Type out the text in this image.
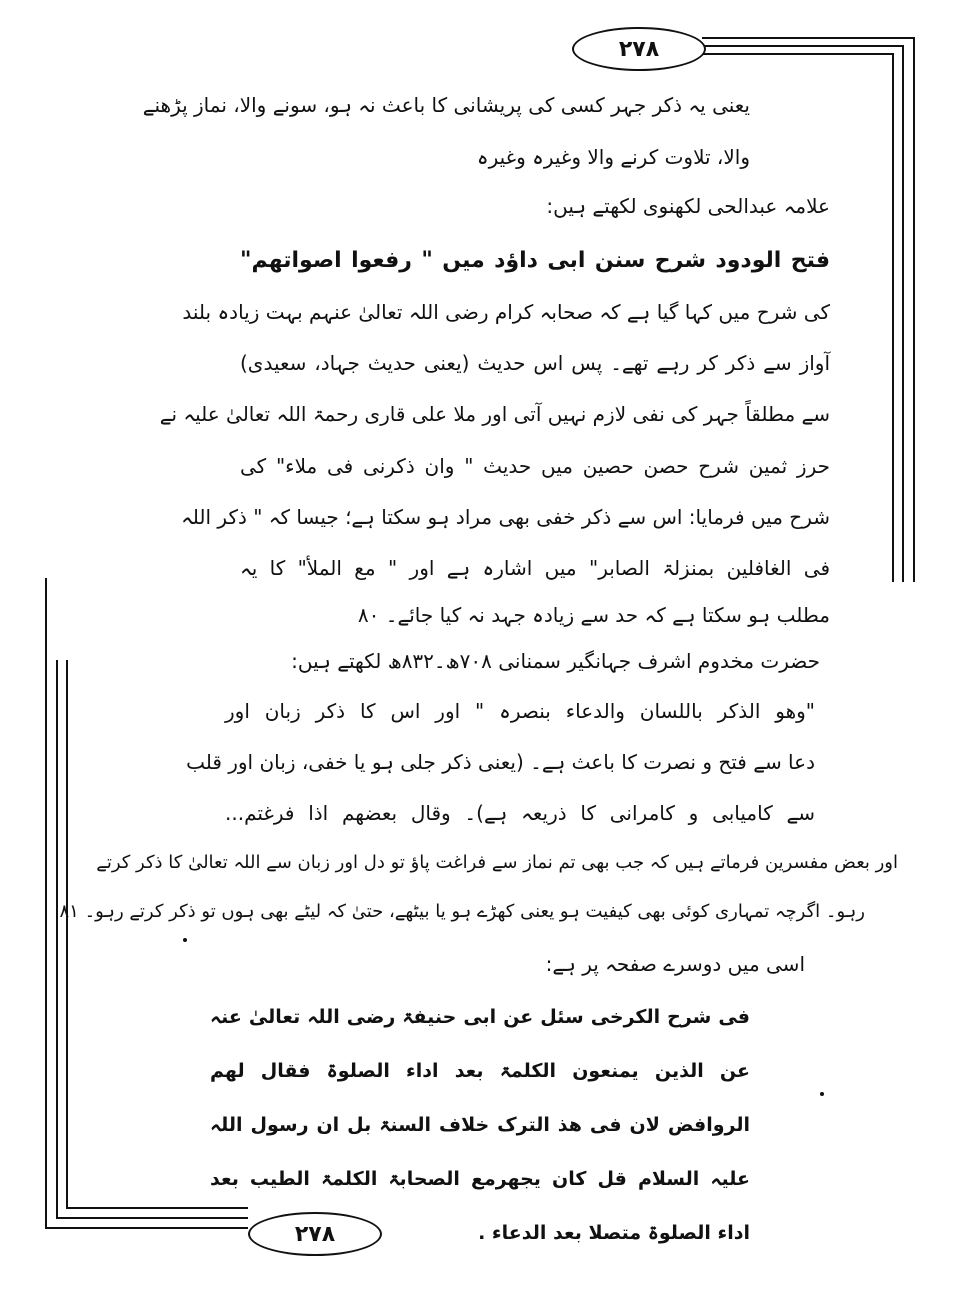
۲۷۸
۲۷۸
یعنی یہ ذکر جہر کسی کی پریشانی کا باعث نہ ہو، سونے والا، نماز پڑھنے
والا، تلاوت کرنے والا وغیرہ وغیرہ
علامہ عبدالحی لکھنوی لکھتے ہیں:
فتح الودود شرح سنن ابی داؤد میں " رفعوا اصواتھم"
کی شرح میں کہا گیا ہے کہ صحابہ کرام رضی اللہ تعالیٰ عنہم بہت زیادہ بلند
آواز سے ذکر کر رہے تھے۔ پس اس حدیث (یعنی حدیث جہاد، سعیدی)
سے مطلقاً جہر کی نفی لازم نہیں آتی اور ملا علی قاری رحمۃ اللہ تعالیٰ علیہ نے
حرز ثمین شرح حصن حصین میں حدیث " وان ذکرنی فی ملاء" کی
شرح میں فرمایا: اس سے ذکر خفی بھی مراد ہو سکتا ہے؛ جیسا کہ " ذکر اللہ
فی الغافلین بمنزلۃ الصابر" میں اشارہ ہے اور " مع الملأ" کا یہ
مطلب ہو سکتا ہے کہ حد سے زیادہ جہد نہ کیا جائے۔ ۸۰
حضرت مخدوم اشرف جہانگیر سمنانی ۷۰۸ھ۔۸۳۲ھ لکھتے ہیں:
"وھو الذکر باللسان والدعاء بنصرہ " اور اس کا ذکر زبان اور
دعا سے فتح و نصرت کا باعث ہے۔ (یعنی ذکر جلی ہو یا خفی، زبان اور قلب
سے کامیابی و کامرانی کا ذریعہ ہے)۔ وقال بعضھم اذا فرغتم...
اور بعض مفسرین فرماتے ہیں کہ جب بھی تم نماز سے فراغت پاؤ تو دل اور زبان سے اللہ تعالیٰ کا ذکر کرتے
رہو۔ اگرچہ تمہاری کوئی بھی کیفیت ہو یعنی کھڑے ہو یا بیٹھے، حتیٰ کہ لیٹے بھی ہوں تو ذکر کرتے رہو۔ ۸۱
اسی میں دوسرے صفحہ پر ہے:
فی شرح الکرخی سئل عن ابی حنیفۃ رضی اللہ تعالیٰ عنہ
عن الذین یمنعون الکلمۃ بعد اداء الصلوۃ فقال لھم
الروافض لان فی ھذ الترک خلاف السنۃ بل ان رسول اللہ
علیہ السلام قل کان یجھرمع الصحابۃ الکلمۃ الطیب بعد
اداء الصلوۃ متصلا بعد الدعاء .
